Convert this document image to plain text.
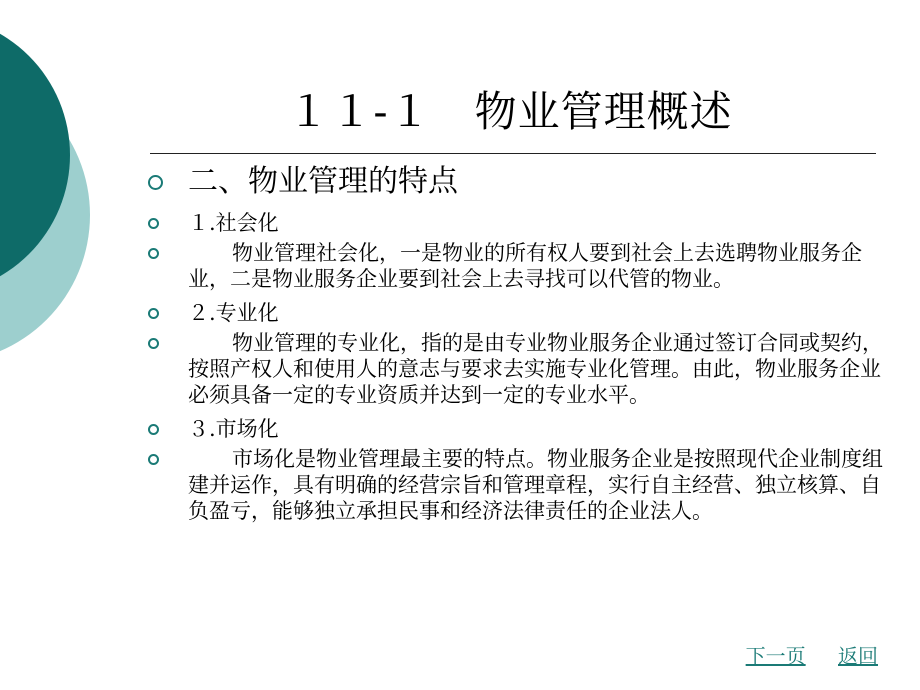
１１-１　物业管理概述
二、物业管理的特点
１.社会化
物业管理社会化，一是物业的所有权人要到社会上去选聘物业服务企业，二是物业服务企业要到社会上去寻找可以代管的物业。
２.专业化
物业管理的专业化，指的是由专业物业服务企业通过签订合同或契约，按照产权人和使用人的意志与要求去实施专业化管理。由此，物业服务企业必须具备一定的专业资质并达到一定的专业水平。
３.市场化
市场化是物业管理最主要的特点。物业服务企业是按照现代企业制度组建并运作，具有明确的经营宗旨和管理章程，实行自主经营、独立核算、自负盈亏，能够独立承担民事和经济法律责任的企业法人。
下一页 返回
